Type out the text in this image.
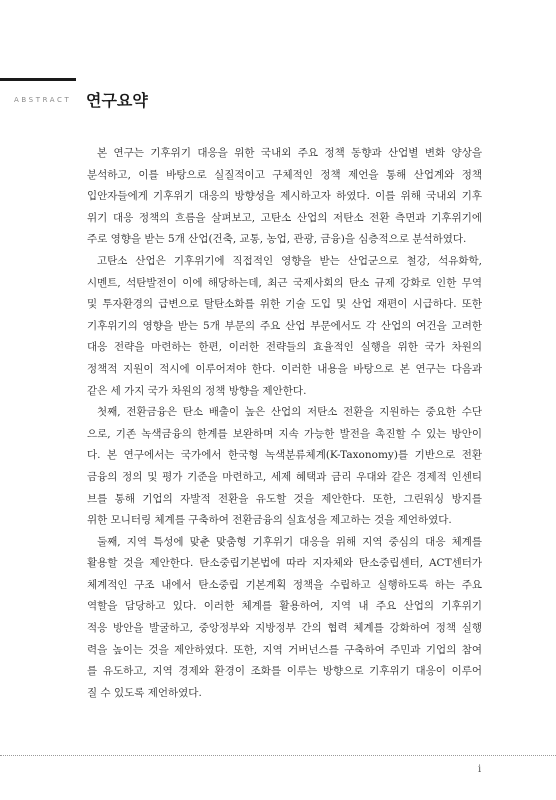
ABSTRACT 연구요약
본 연구는 기후위기 대응을 위한 국내외 주요 정책 동향과 산업별 변화 양상을
분석하고, 이를 바탕으로 실질적이고 구체적인 정책 제언을 통해 산업계와 정책
입안자들에게 기후위기 대응의 방향성을 제시하고자 하였다. 이를 위해 국내외 기후
위기 대응 정책의 흐름을 살펴보고, 고탄소 산업의 저탄소 전환 측면과 기후위기에
주로 영향을 받는 5개 산업(건축, 교통, 농업, 관광, 금융)을 심층적으로 분석하였다.
고탄소 산업은 기후위기에 직접적인 영향을 받는 산업군으로 철강, 석유화학,
시멘트, 석탄발전이 이에 해당하는데, 최근 국제사회의 탄소 규제 강화로 인한 무역
및 투자환경의 급변으로 탈탄소화를 위한 기술 도입 및 산업 재편이 시급하다. 또한
기후위기의 영향을 받는 5개 부문의 주요 산업 부문에서도 각 산업의 여건을 고려한
대응 전략을 마련하는 한편, 이러한 전략들의 효율적인 실행을 위한 국가 차원의
정책적 지원이 적시에 이루어져야 한다. 이러한 내용을 바탕으로 본 연구는 다음과
같은 세 가지 국가 차원의 정책 방향을 제안한다.
첫째, 전환금융은 탄소 배출이 높은 산업의 저탄소 전환을 지원하는 중요한 수단
으로, 기존 녹색금융의 한계를 보완하며 지속 가능한 발전을 촉진할 수 있는 방안이
다. 본 연구에서는 국가에서 한국형 녹색분류체계(K-Taxonomy)를 기반으로 전환
금융의 정의 및 평가 기준을 마련하고, 세제 혜택과 금리 우대와 같은 경제적 인센티
브를 통해 기업의 자발적 전환을 유도할 것을 제안한다. 또한, 그린워싱 방지를
위한 모니터링 체계를 구축하여 전환금융의 실효성을 제고하는 것을 제언하였다.
둘째, 지역 특성에 맞춘 맞춤형 기후위기 대응을 위해 지역 중심의 대응 체계를
활용할 것을 제안한다. 탄소중립기본법에 따라 지자체와 탄소중립센터, ACT센터가
체계적인 구조 내에서 탄소중립 기본계획 정책을 수립하고 실행하도록 하는 주요
역할을 담당하고 있다. 이러한 체계를 활용하여, 지역 내 주요 산업의 기후위기
적응 방안을 발굴하고, 중앙정부와 지방정부 간의 협력 체계를 강화하여 정책 실행
력을 높이는 것을 제안하였다. 또한, 지역 거버넌스를 구축하여 주민과 기업의 참여
를 유도하고, 지역 경제와 환경이 조화를 이루는 방향으로 기후위기 대응이 이루어
질 수 있도록 제언하였다.
i
